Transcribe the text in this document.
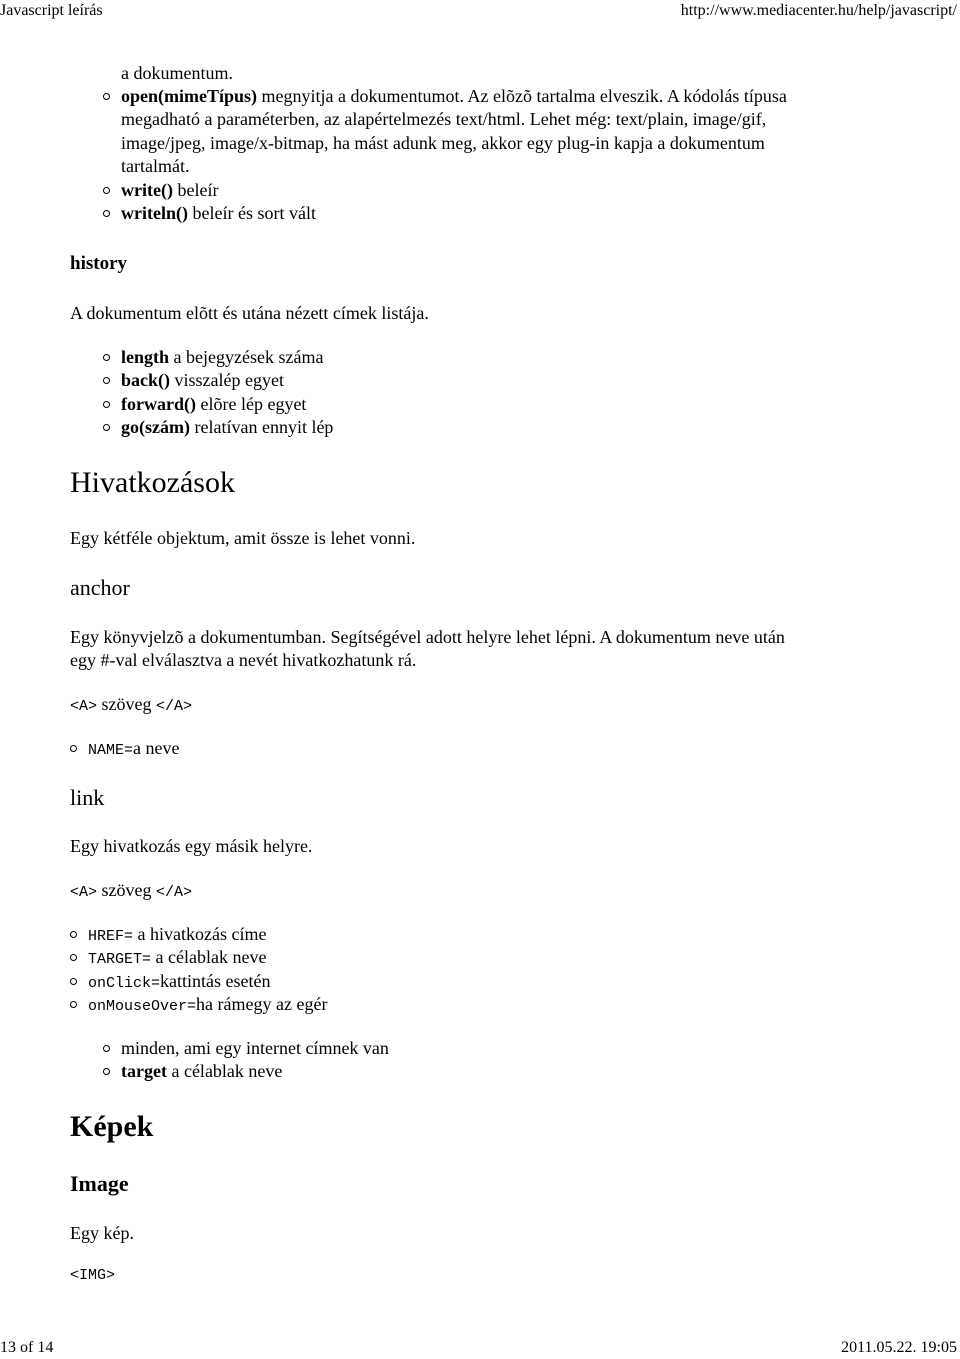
Javascript leírás	http://www.mediacenter.hu/help/javascript/
a dokumentum.
open(mimeTípus) megnyitja a dokumentumot. Az elõzõ tartalma elveszik. A kódolás típusa
megadható a paraméterben, az alapértelmezés text/html. Lehet még: text/plain, image/gif,
image/jpeg, image/x-bitmap, ha mást adunk meg, akkor egy plug-in kapja a dokumentum
tartalmát.
write() beleír
writeln() beleír és sort vált
history
A dokumentum elõtt és utána nézett címek listája.
length a bejegyzések száma
back() visszalép egyet
forward() elõre lép egyet
go(szám) relatívan ennyit lép
Hivatkozások
Egy kétféle objektum, amit össze is lehet vonni.
anchor
Egy könyvjelzõ a dokumentumban. Segítségével adott helyre lehet lépni. A dokumentum neve után
egy #-val elválasztva a nevét hivatkozhatunk rá.
<A> szöveg </A>
NAME=a neve
link
Egy hivatkozás egy másik helyre.
<A> szöveg </A>
HREF= a hivatkozás címe
TARGET= a célablak neve
onClick=kattintás esetén
onMouseOver=ha rámegy az egér
minden, ami egy internet címnek van
target a célablak neve
Képek
Image
Egy kép.
<IMG>
13 of 14	2011.05.22. 19:05
